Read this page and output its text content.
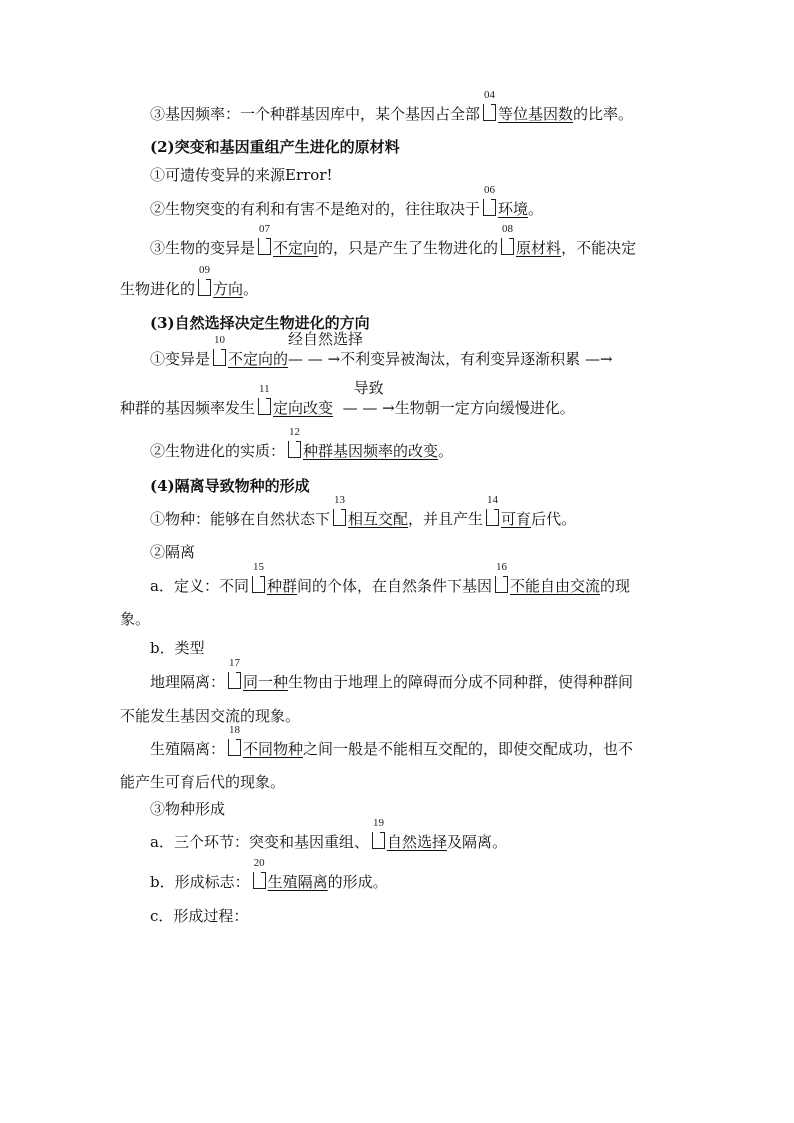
③基因频率：一个种群基因库中，某个基因占全部
04
等位基因数的比率。
(2)突变和基因重组产生进化的原材料
①可遗传变异的来源Error!
②生物突变的有利和有害不是绝对的，往往取决于
06
环境。
③生物的变异是
07
不定向的，只是产生了生物进化的
08
原材料，不能决定
生物进化的
09
方向。
(3)自然选择决定生物进化的方向
①变异是
10
不定向的
经自然选择
— — →不利变异被淘汰，有利变异逐渐积累 —→
种群的基因频率发生
11
定向改变
导致
— — →生物朝一定方向缓慢进化。
②生物进化的实质：
12
种群基因频率的改变。
(4)隔离导致物种的形成
①物种：能够在自然状态下
13
相互交配，并且产生
14
可育后代。
②隔离
a．定义：不同
15
种群间的个体，在自然条件下基因
16
不能自由交流的现
象。
b．类型
地理隔离：
17
同一种生物由于地理上的障碍而分成不同种群，使得种群间
不能发生基因交流的现象。
生殖隔离：
18
不同物种之间一般是不能相互交配的，即使交配成功，也不
能产生可育后代的现象。
③物种形成
a．三个环节：突变和基因重组、
19
自然选择及隔离。
b．形成标志：
20
生殖隔离的形成。
c．形成过程：
